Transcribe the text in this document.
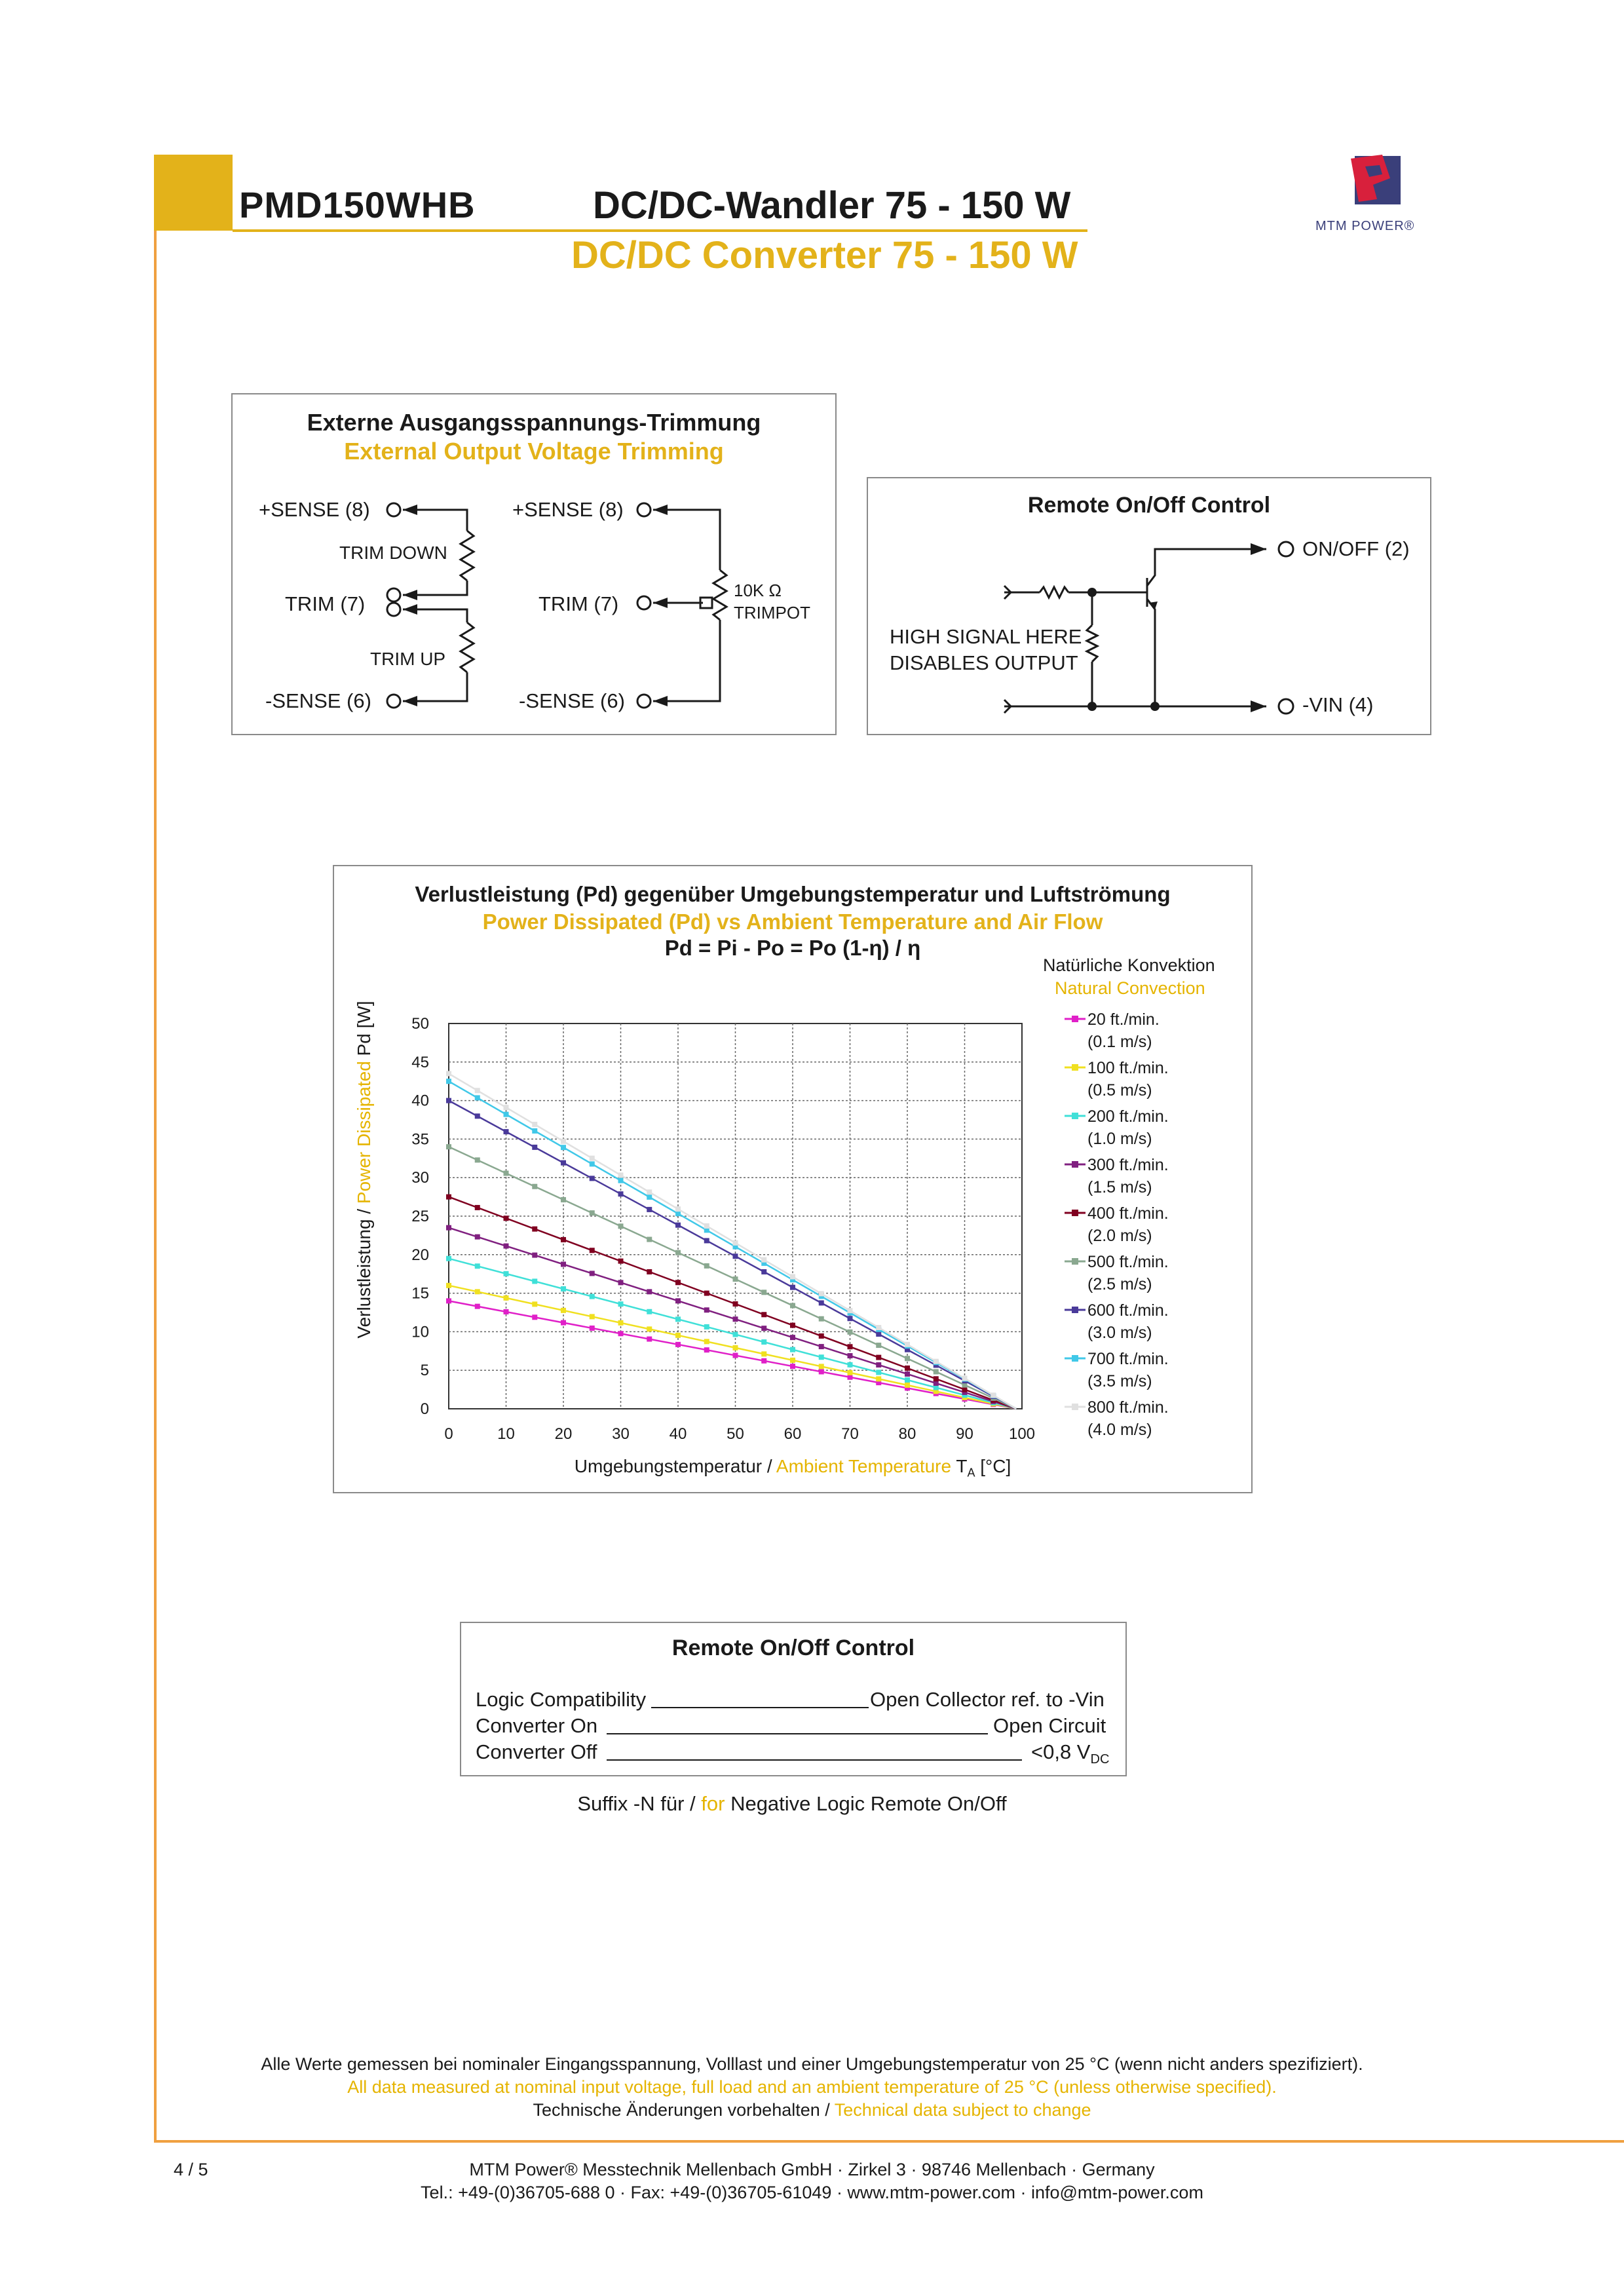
PMD150WHB	DC/DC-Wandler 75 - 150 W
DC/DC Converter 75 - 150 W
MTM POWER®
Externe Ausgangsspannungs-Trimmung
External Output Voltage Trimming
+SENSE (8)
TRIM DOWN
TRIM (7)
TRIM UP
-SENSE (6)
+SENSE (8)
TRIM (7)
-SENSE (6)
10K Ω
TRIMPOT
Remote On/Off Control
ON/OFF (2)
-VIN (4)
HIGH SIGNAL HERE
DISABLES OUTPUT
Verlustleistung (Pd) gegenüber Umgebungstemperatur und Luftströmung
Power Dissipated (Pd) vs Ambient Temperature and Air Flow
Pd = Pi - Po = Po (1-η) / η
Natürliche Konvektion
Natural Convection
0	10	20	30	40	50	60	70	80	90 100
0
5
10
15
20
25
30
35
40
45
50	20 ft./min.
(0.1 m/s)
100 ft./min.
(0.5 m/s)
200 ft./min.
(1.0 m/s)
300 ft./min.
(1.5 m/s)
400 ft./min.
(2.0 m/s)
500 ft./min.
(2.5 m/s)
600 ft./min.
(3.0 m/s)
700 ft./min.
(3.5 m/s)
800 ft./min.
(4.0 m/s)
Umgebungstemperatur / Ambient Temperature $T_A$ [°C]
Verlustleistung / Power Dissipated Pd [W]
Remote On/Off Control
Logic Compatibility	Open Collector ref. to -Vin
Converter On	Open Circuit
Converter Off	<0,8 $V_{DC}$
Suffix -N für / for Negative Logic Remote On/Off
Alle Werte gemessen bei nominaler Eingangsspannung, Volllast und einer Umgebungstemperatur von 25 °C (wenn nicht anders spezifiziert).
All data measured at nominal input voltage, full load and an ambient temperature of 25 °C (unless otherwise specified).
Technische Änderungen vorbehalten / Technical data subject to change
4 / 5	MTM Power® Messtechnik Mellenbach GmbH · Zirkel 3 · 98746 Mellenbach · Germany
Tel.: +49-(0)36705-688 0 · Fax: +49-(0)36705-61049 · www.mtm-power.com · info@mtm-power.com
